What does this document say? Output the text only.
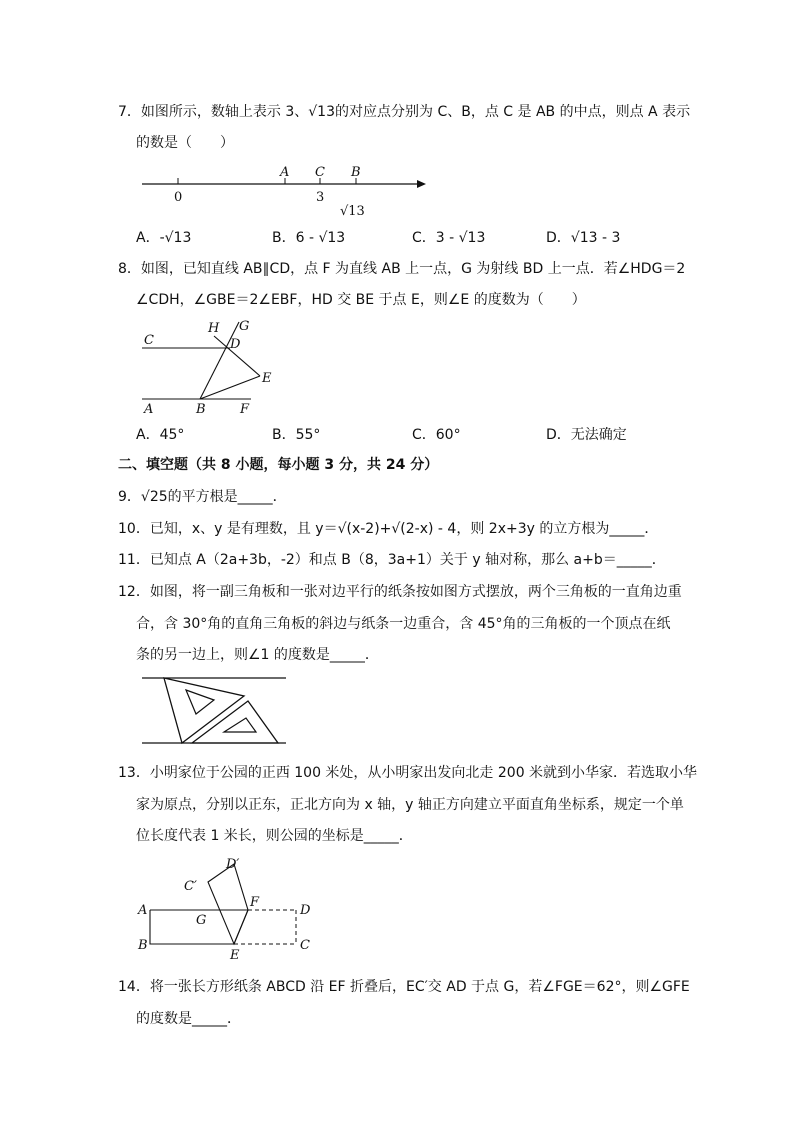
7．如图所示，数轴上表示 3、√13的对应点分别为 C、B，点 C 是 AB 的中点，则点 A 表示
的数是（　　）
A C B
0	3
√13
A．-√13	B．6 - √13	C．3 - √13	D．√13 - 3
8．如图，已知直线 AB∥CD，点 F 为直线 AB 上一点，G 为射线 BD 上一点．若∠HDG＝2
∠CDH，∠GBE＝2∠EBF，HD 交 BE 于点 E，则∠E 的度数为（　　）
C
H G
D
E
A	B	F
A．45°	B．55°	C．60°	D．无法确定
二、填空题（共 8 小题，每小题 3 分，共 24 分）
9．√25的平方根是_____．
10．已知，x、y 是有理数，且 y＝√(x-2)+√(2-x) - 4，则 2x+3y 的立方根为_____．
11．已知点 A（2a+3b，-2）和点 B（8，3a+1）关于 y 轴对称，那么 a+b＝_____．
12．如图，将一副三角板和一张对边平行的纸条按如图方式摆放，两个三角板的一直角边重
合，含 30°角的直角三角板的斜边与纸条一边重合，含 45°角的三角板的一个顶点在纸
条的另一边上，则∠1 的度数是_____．
13．小明家位于公园的正西 100 米处，从小明家出发向北走 200 米就到小华家．若选取小华
家为原点，分别以正东，正北方向为 x 轴，y 轴正方向建立平面直角坐标系，规定一个单
位长度代表 1 米长，则公园的坐标是_____．
D′
C′
F
A
G
D
B
E
C
14．将一张长方形纸条 ABCD 沿 EF 折叠后，EC′交 AD 于点 G，若∠FGE＝62°，则∠GFE
的度数是_____．
